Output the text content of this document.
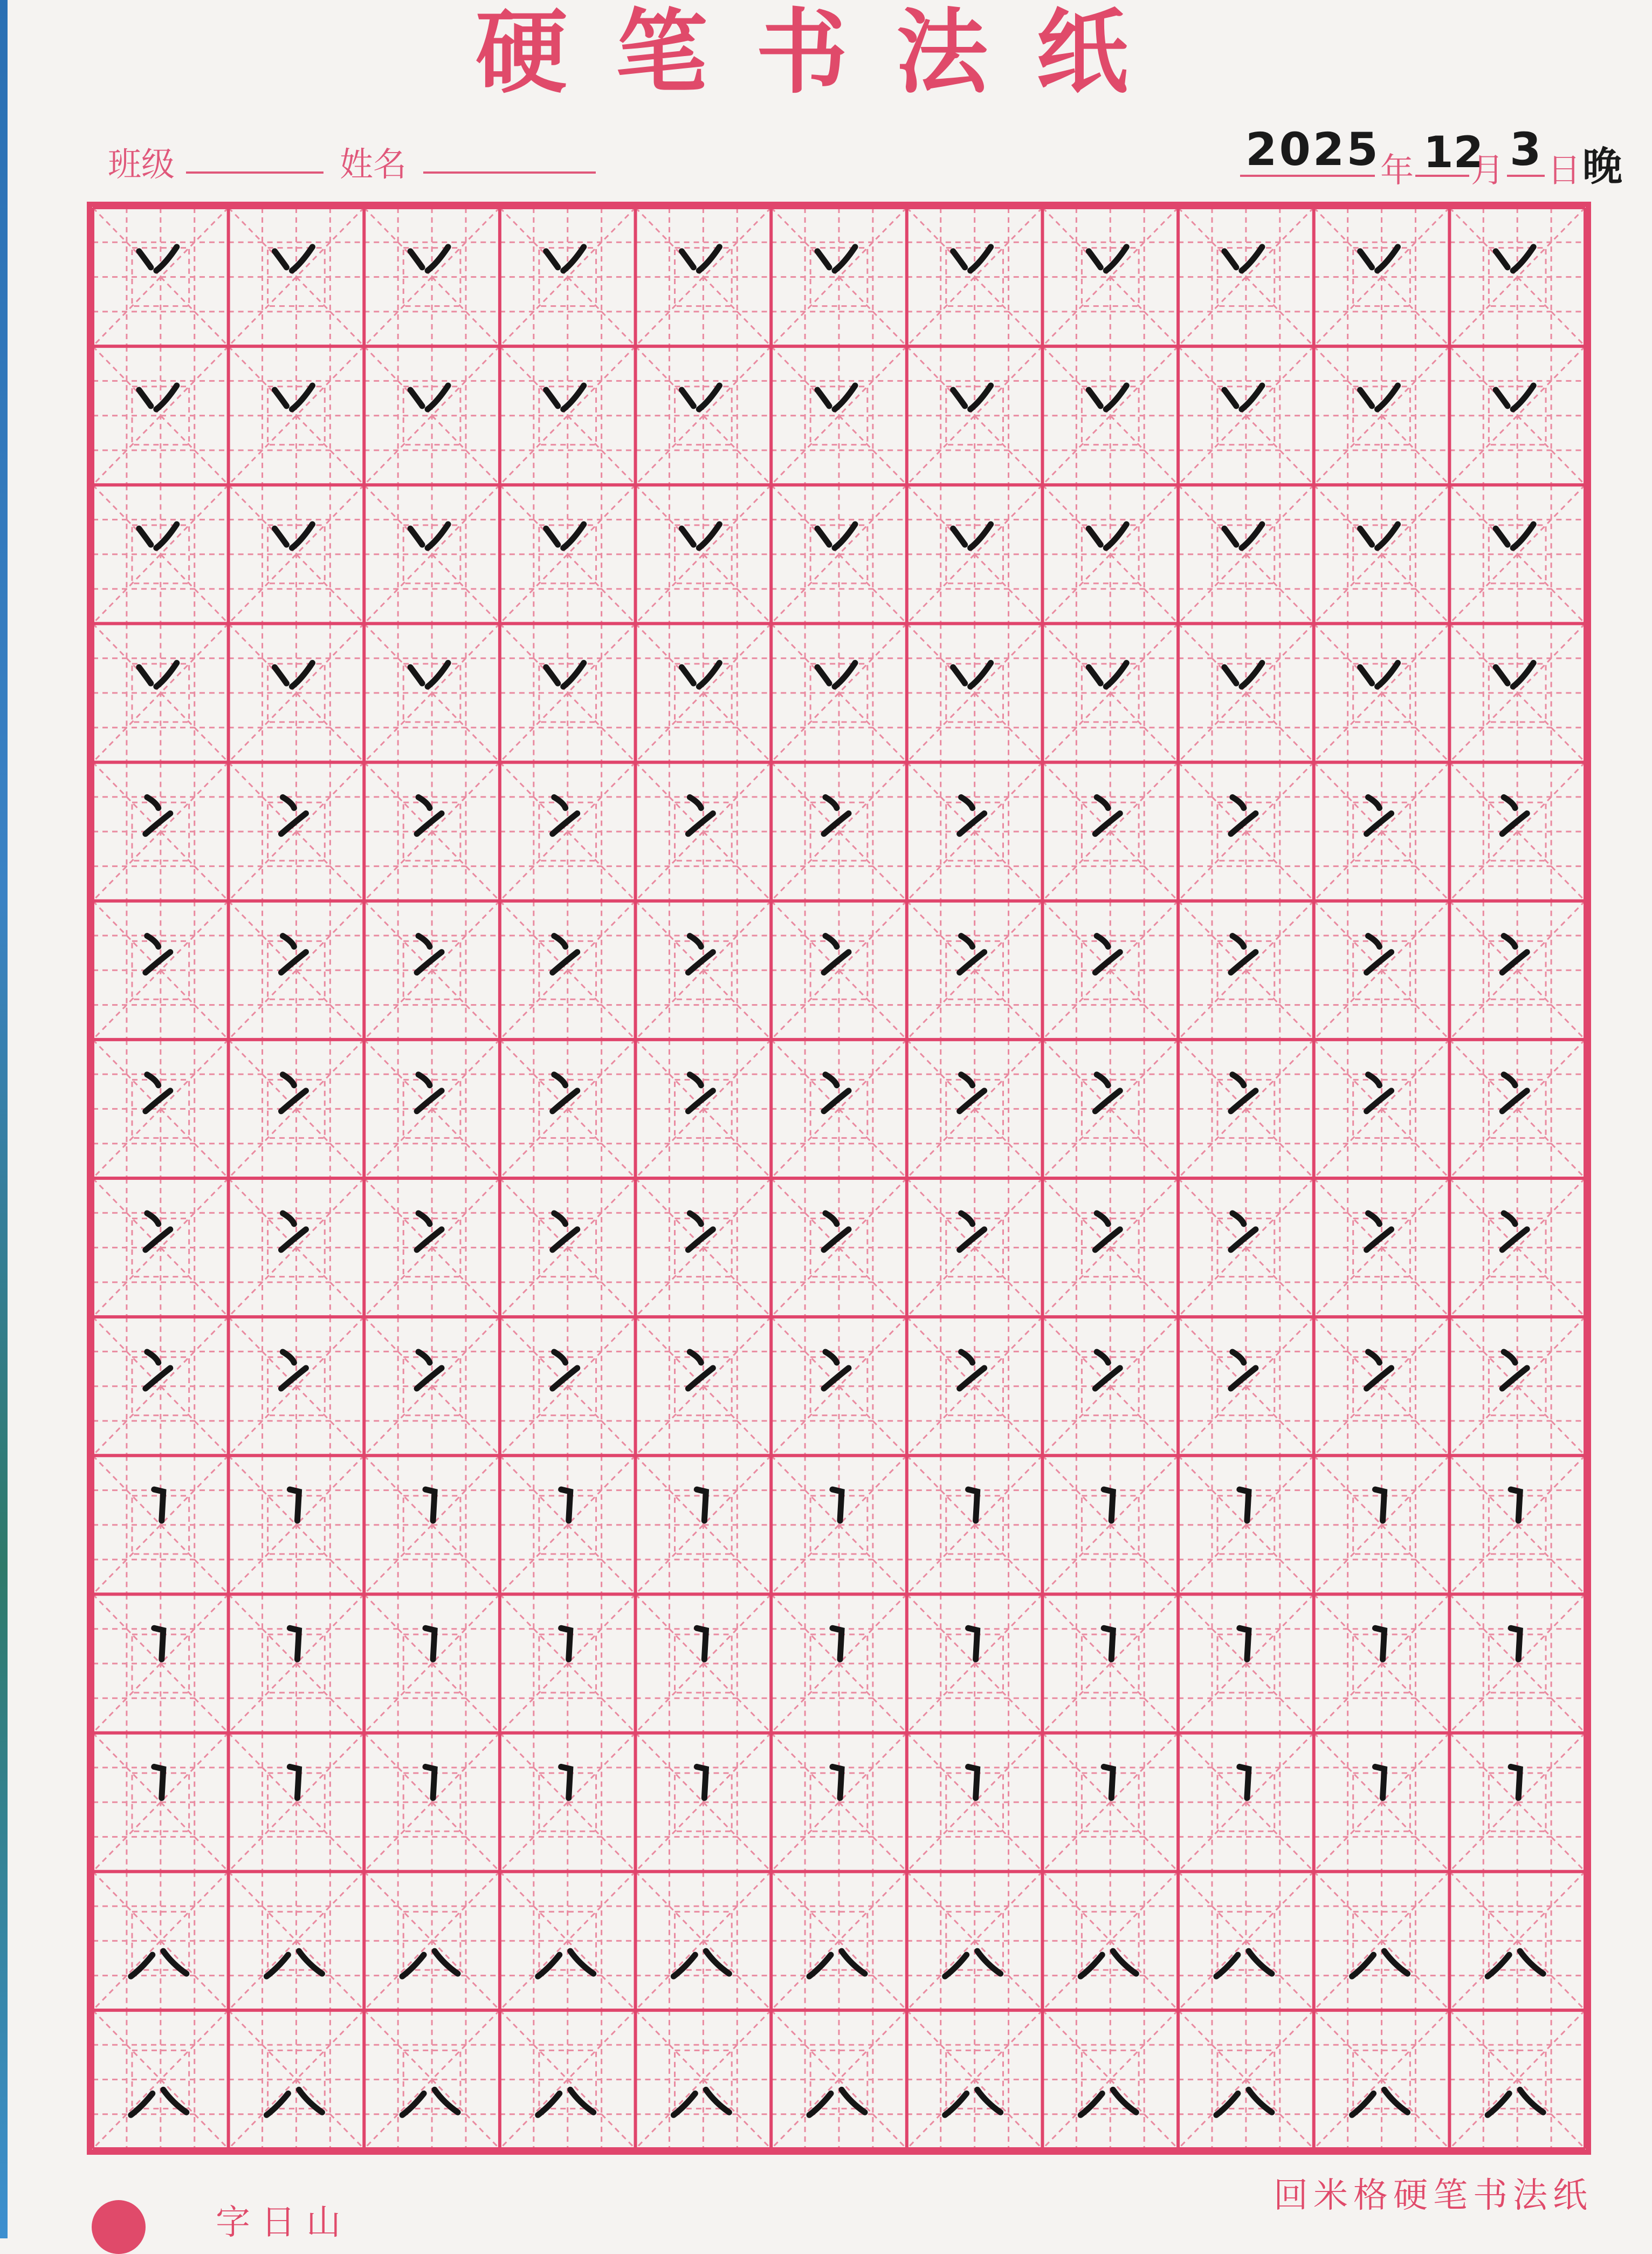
硬笔书法纸
班级	姓名	2025 年 12
月 3 日 晚
字日山
回米格硬笔书法纸
